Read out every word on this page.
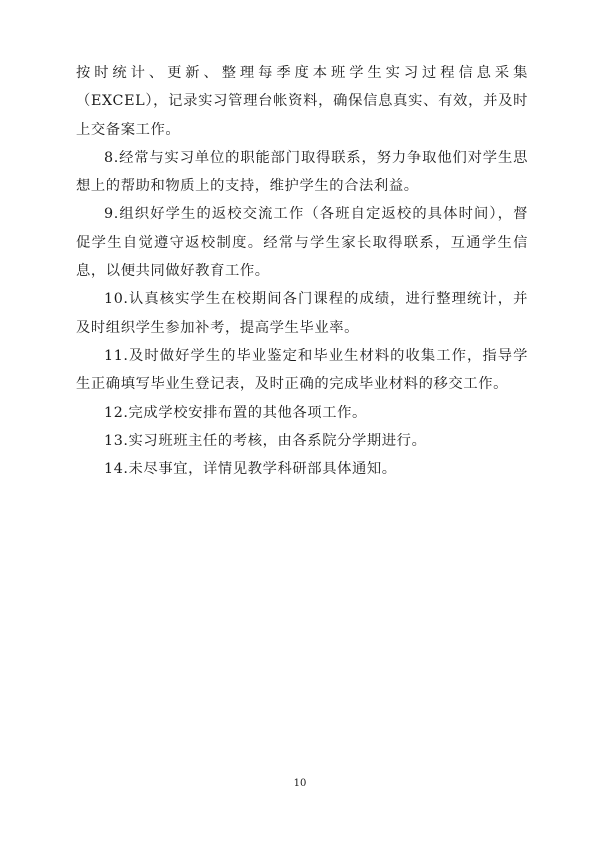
按时统计、更新、整理每季度本班学生实习过程信息采集（EXCEL），记录实习管理台帐资料，确保信息真实、有效，并及时上交备案工作。

8.经常与实习单位的职能部门取得联系，努力争取他们对学生思想上的帮助和物质上的支持，维护学生的合法利益。

9.组织好学生的返校交流工作（各班自定返校的具体时间），督促学生自觉遵守返校制度。经常与学生家长取得联系，互通学生信息，以便共同做好教育工作。

10.认真核实学生在校期间各门课程的成绩，进行整理统计，并及时组织学生参加补考，提高学生毕业率。

11.及时做好学生的毕业鉴定和毕业生材料的收集工作，指导学生正确填写毕业生登记表，及时正确的完成毕业材料的移交工作。

12.完成学校安排布置的其他各项工作。

13.实习班班主任的考核，由各系院分学期进行。

14.未尽事宜，详情见教学科研部具体通知。

10
